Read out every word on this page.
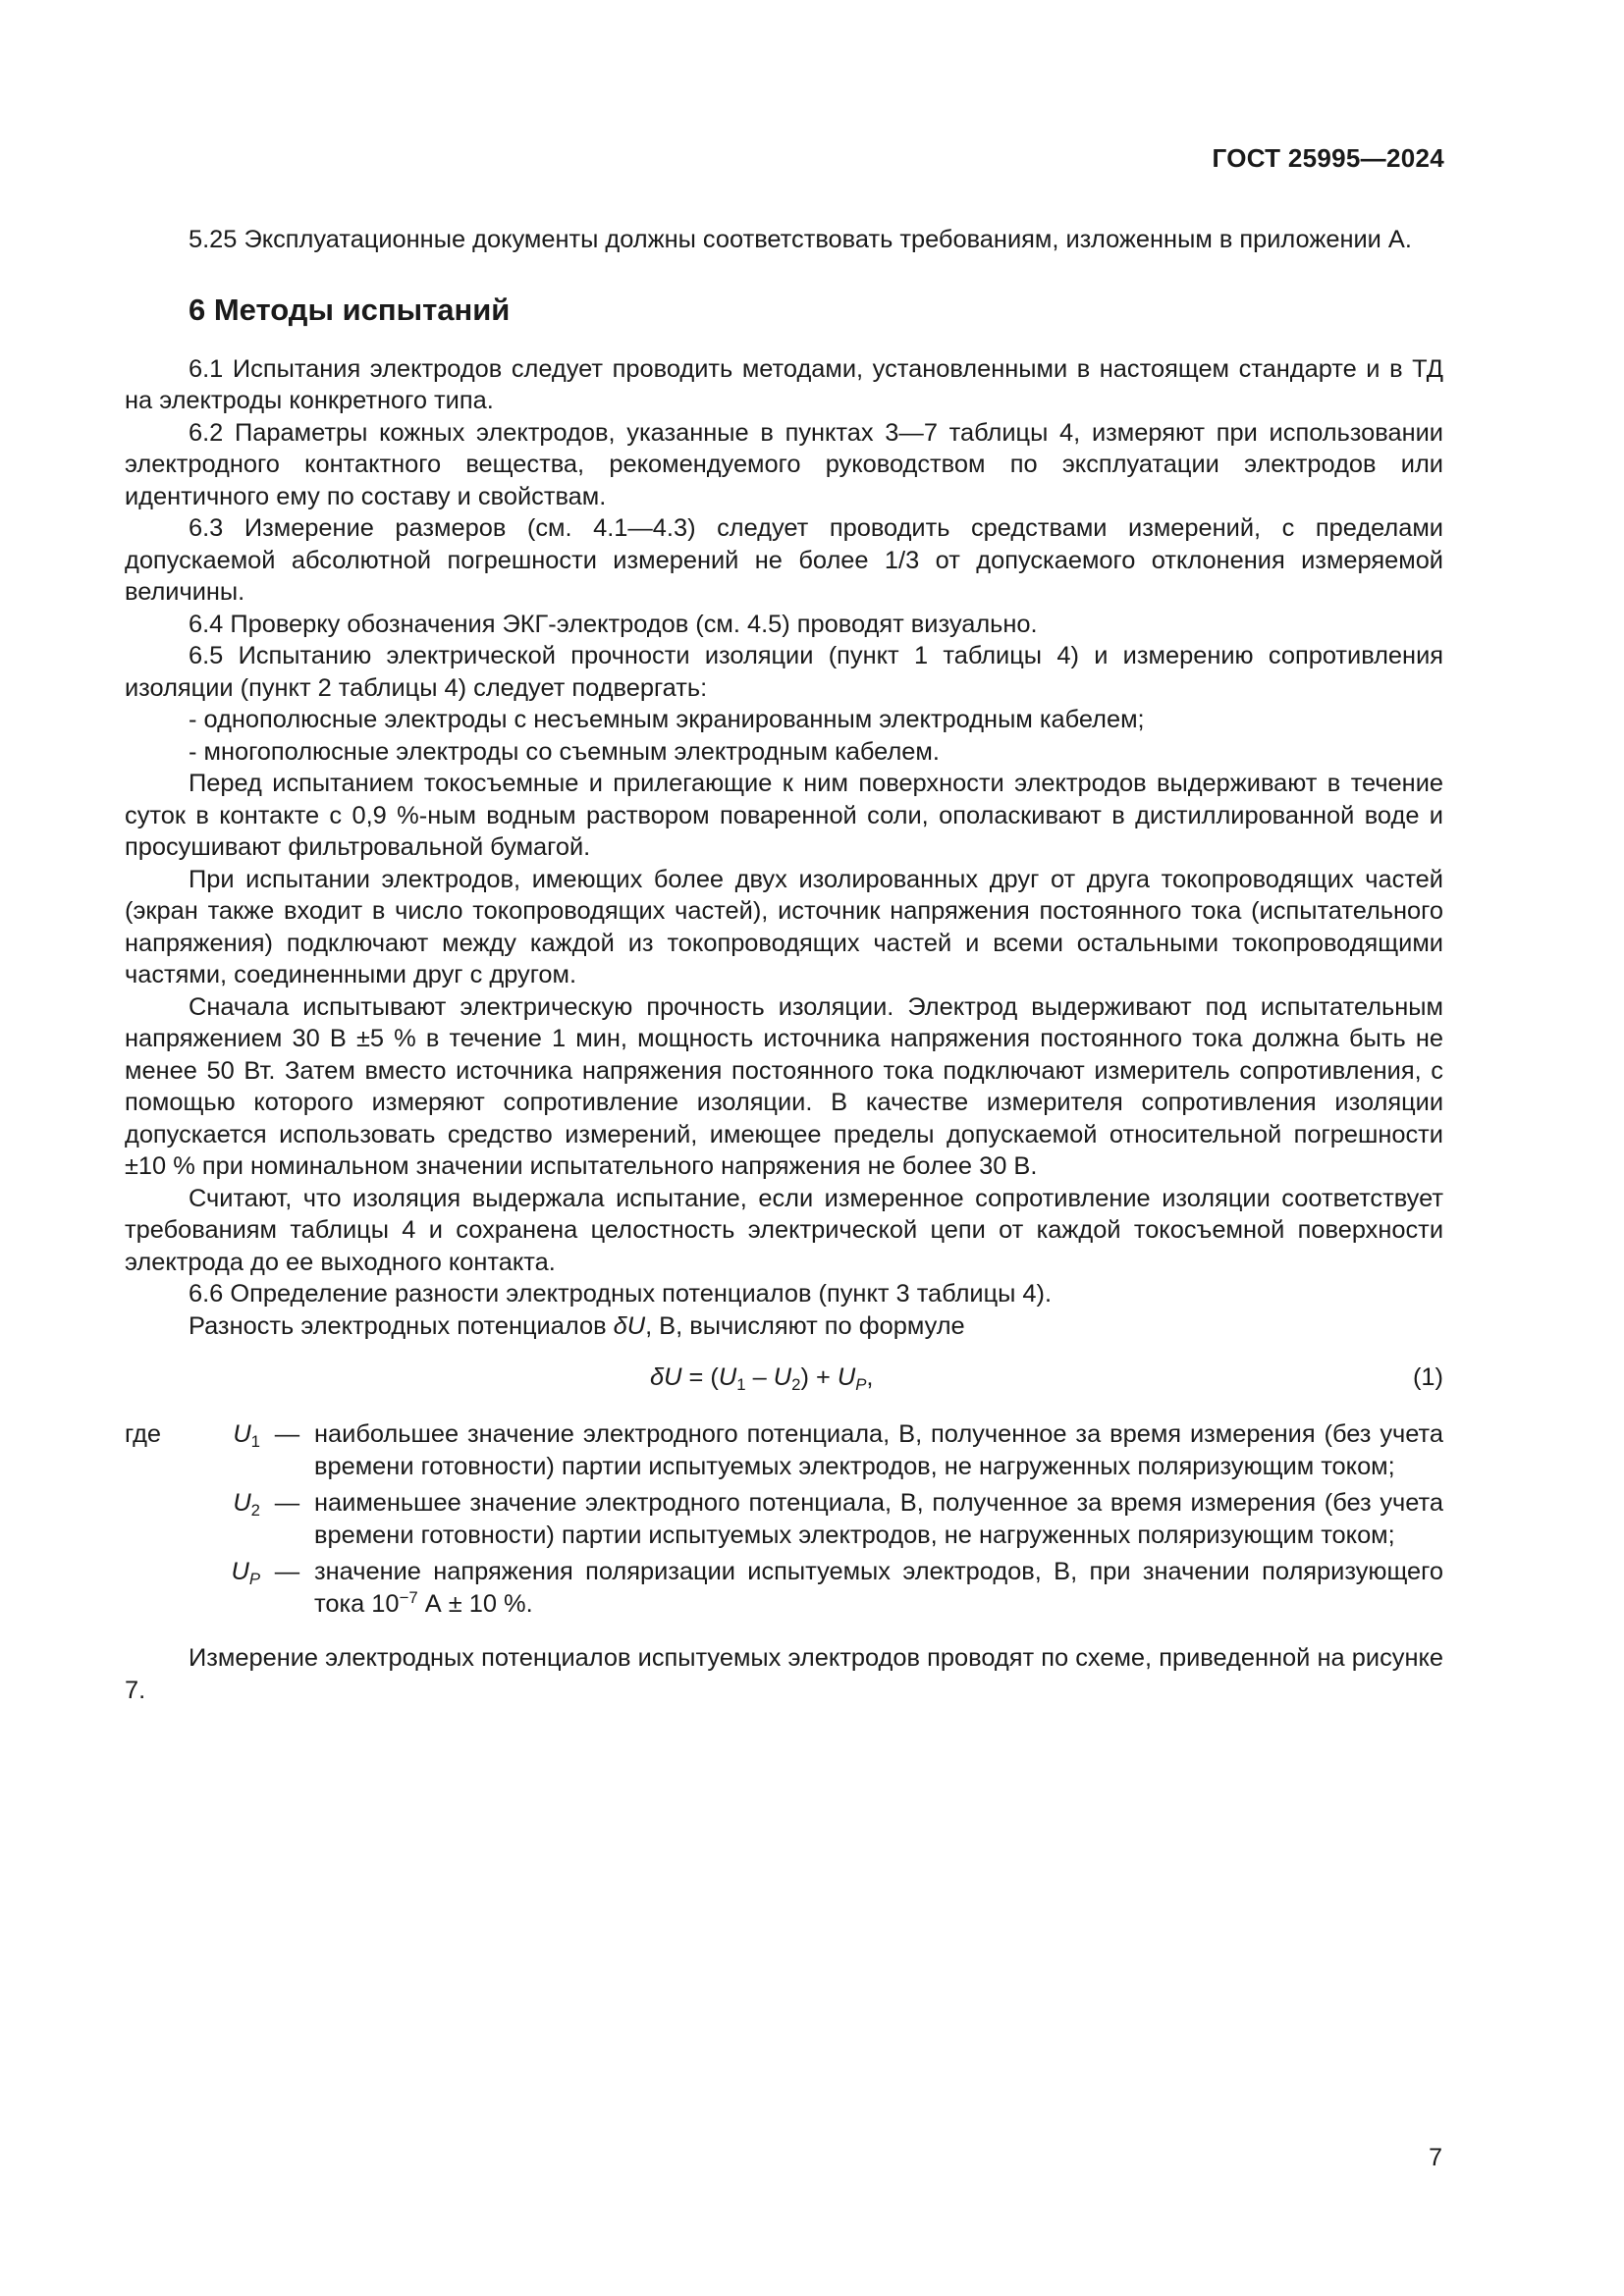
ГОСТ 25995—2024

5.25 Эксплуатационные документы должны соответствовать требованиям, изложенным в приложении А.

6 Методы испытаний

6.1 Испытания электродов следует проводить методами, установленными в настоящем стандарте и в ТД на электроды конкретного типа.

6.2 Параметры кожных электродов, указанные в пунктах 3—7 таблицы 4, измеряют при использовании электродного контактного вещества, рекомендуемого руководством по эксплуатации электродов или идентичного ему по составу и свойствам.

6.3 Измерение размеров (см. 4.1—4.3) следует проводить средствами измерений, с пределами допускаемой абсолютной погрешности измерений не более 1/3 от допускаемого отклонения измеряемой величины.

6.4 Проверку обозначения ЭКГ-электродов (см. 4.5) проводят визуально.

6.5 Испытанию электрической прочности изоляции (пункт 1 таблицы 4) и измерению сопротивления изоляции (пункт 2 таблицы 4) следует подвергать:

- однополюсные электроды с несъемным экранированным электродным кабелем;

- многополюсные электроды со съемным электродным кабелем.

Перед испытанием токосъемные и прилегающие к ним поверхности электродов выдерживают в течение суток в контакте с 0,9 %-ным водным раствором поваренной соли, ополаскивают в дистиллированной воде и просушивают фильтровальной бумагой.

При испытании электродов, имеющих более двух изолированных друг от друга токопроводящих частей (экран также входит в число токопроводящих частей), источник напряжения постоянного тока (испытательного напряжения) подключают между каждой из токопроводящих частей и всеми остальными токопроводящими частями, соединенными друг с другом.

Сначала испытывают электрическую прочность изоляции. Электрод выдерживают под испытательным напряжением 30 В ±5 % в течение 1 мин, мощность источника напряжения постоянного тока должна быть не менее 50 Вт. Затем вместо источника напряжения постоянного тока подключают измеритель сопротивления, с помощью которого измеряют сопротивление изоляции. В качестве измерителя сопротивления изоляции допускается использовать средство измерений, имеющее пределы допускаемой относительной погрешности ±10 % при номинальном значении испытательного напряжения не более 30 В.

Считают, что изоляция выдержала испытание, если измеренное сопротивление изоляции соответствует требованиям таблицы 4 и сохранена целостность электрической цепи от каждой токосъемной поверхности электрода до ее выходного контакта.

6.6 Определение разности электродных потенциалов (пункт 3 таблицы 4).

Разность электродных потенциалов δU, В, вычисляют по формуле

$\delta U = (U_1 - U_2) + U_P$,	(1)
где	$U_1$ — наибольшее значение электродного потенциала, В, полученное за время измерения (без учета времени готовности) партии испытуемых электродов, не нагруженных поляризующим током;
$U_2$ — наименьшее значение электродного потенциала, В, полученное за время измерения (без учета времени готовности) партии испытуемых электродов, не нагруженных поляризующим током;
$U_P$ — значение напряжения поляризации испытуемых электродов, В, при значении поляризующего тока $10^{-7}$ А ± 10 %.

Измерение электродных потенциалов испытуемых электродов проводят по схеме, приведенной на рисунке 7.

7
